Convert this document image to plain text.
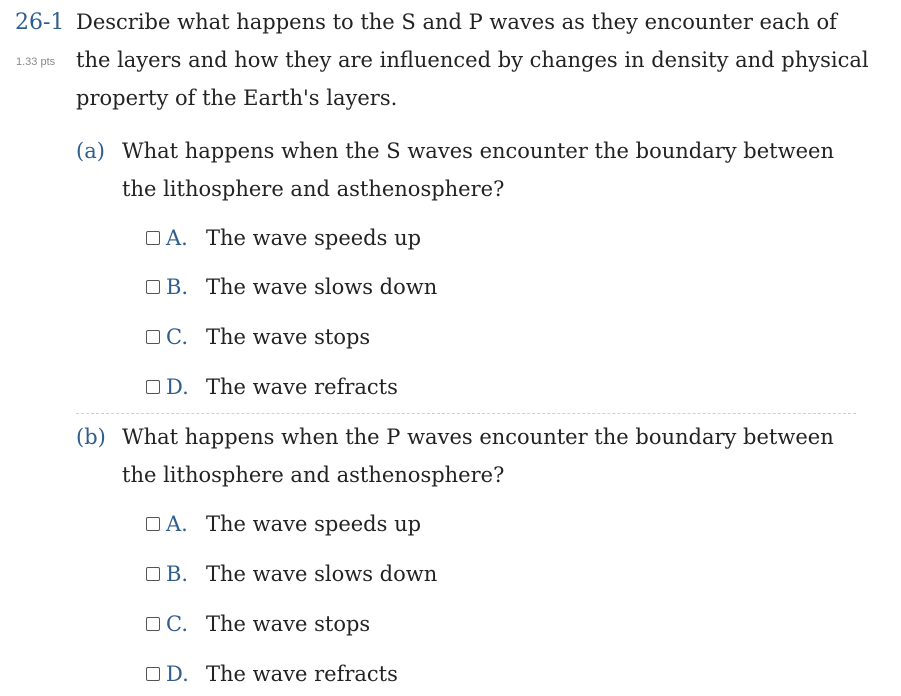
26-1
1.33 pts
Describe what happens to the S and P waves as they encounter each of the layers and how they are influenced by changes in density and physical property of the Earth's layers.
(a) What happens when the S waves encounter the boundary between the lithosphere and asthenosphere?
A. The wave speeds up
B. The wave slows down
C. The wave stops
D. The wave refracts
(b) What happens when the P waves encounter the boundary between the lithosphere and asthenosphere?
A. The wave speeds up
B. The wave slows down
C. The wave stops
D. The wave refracts
